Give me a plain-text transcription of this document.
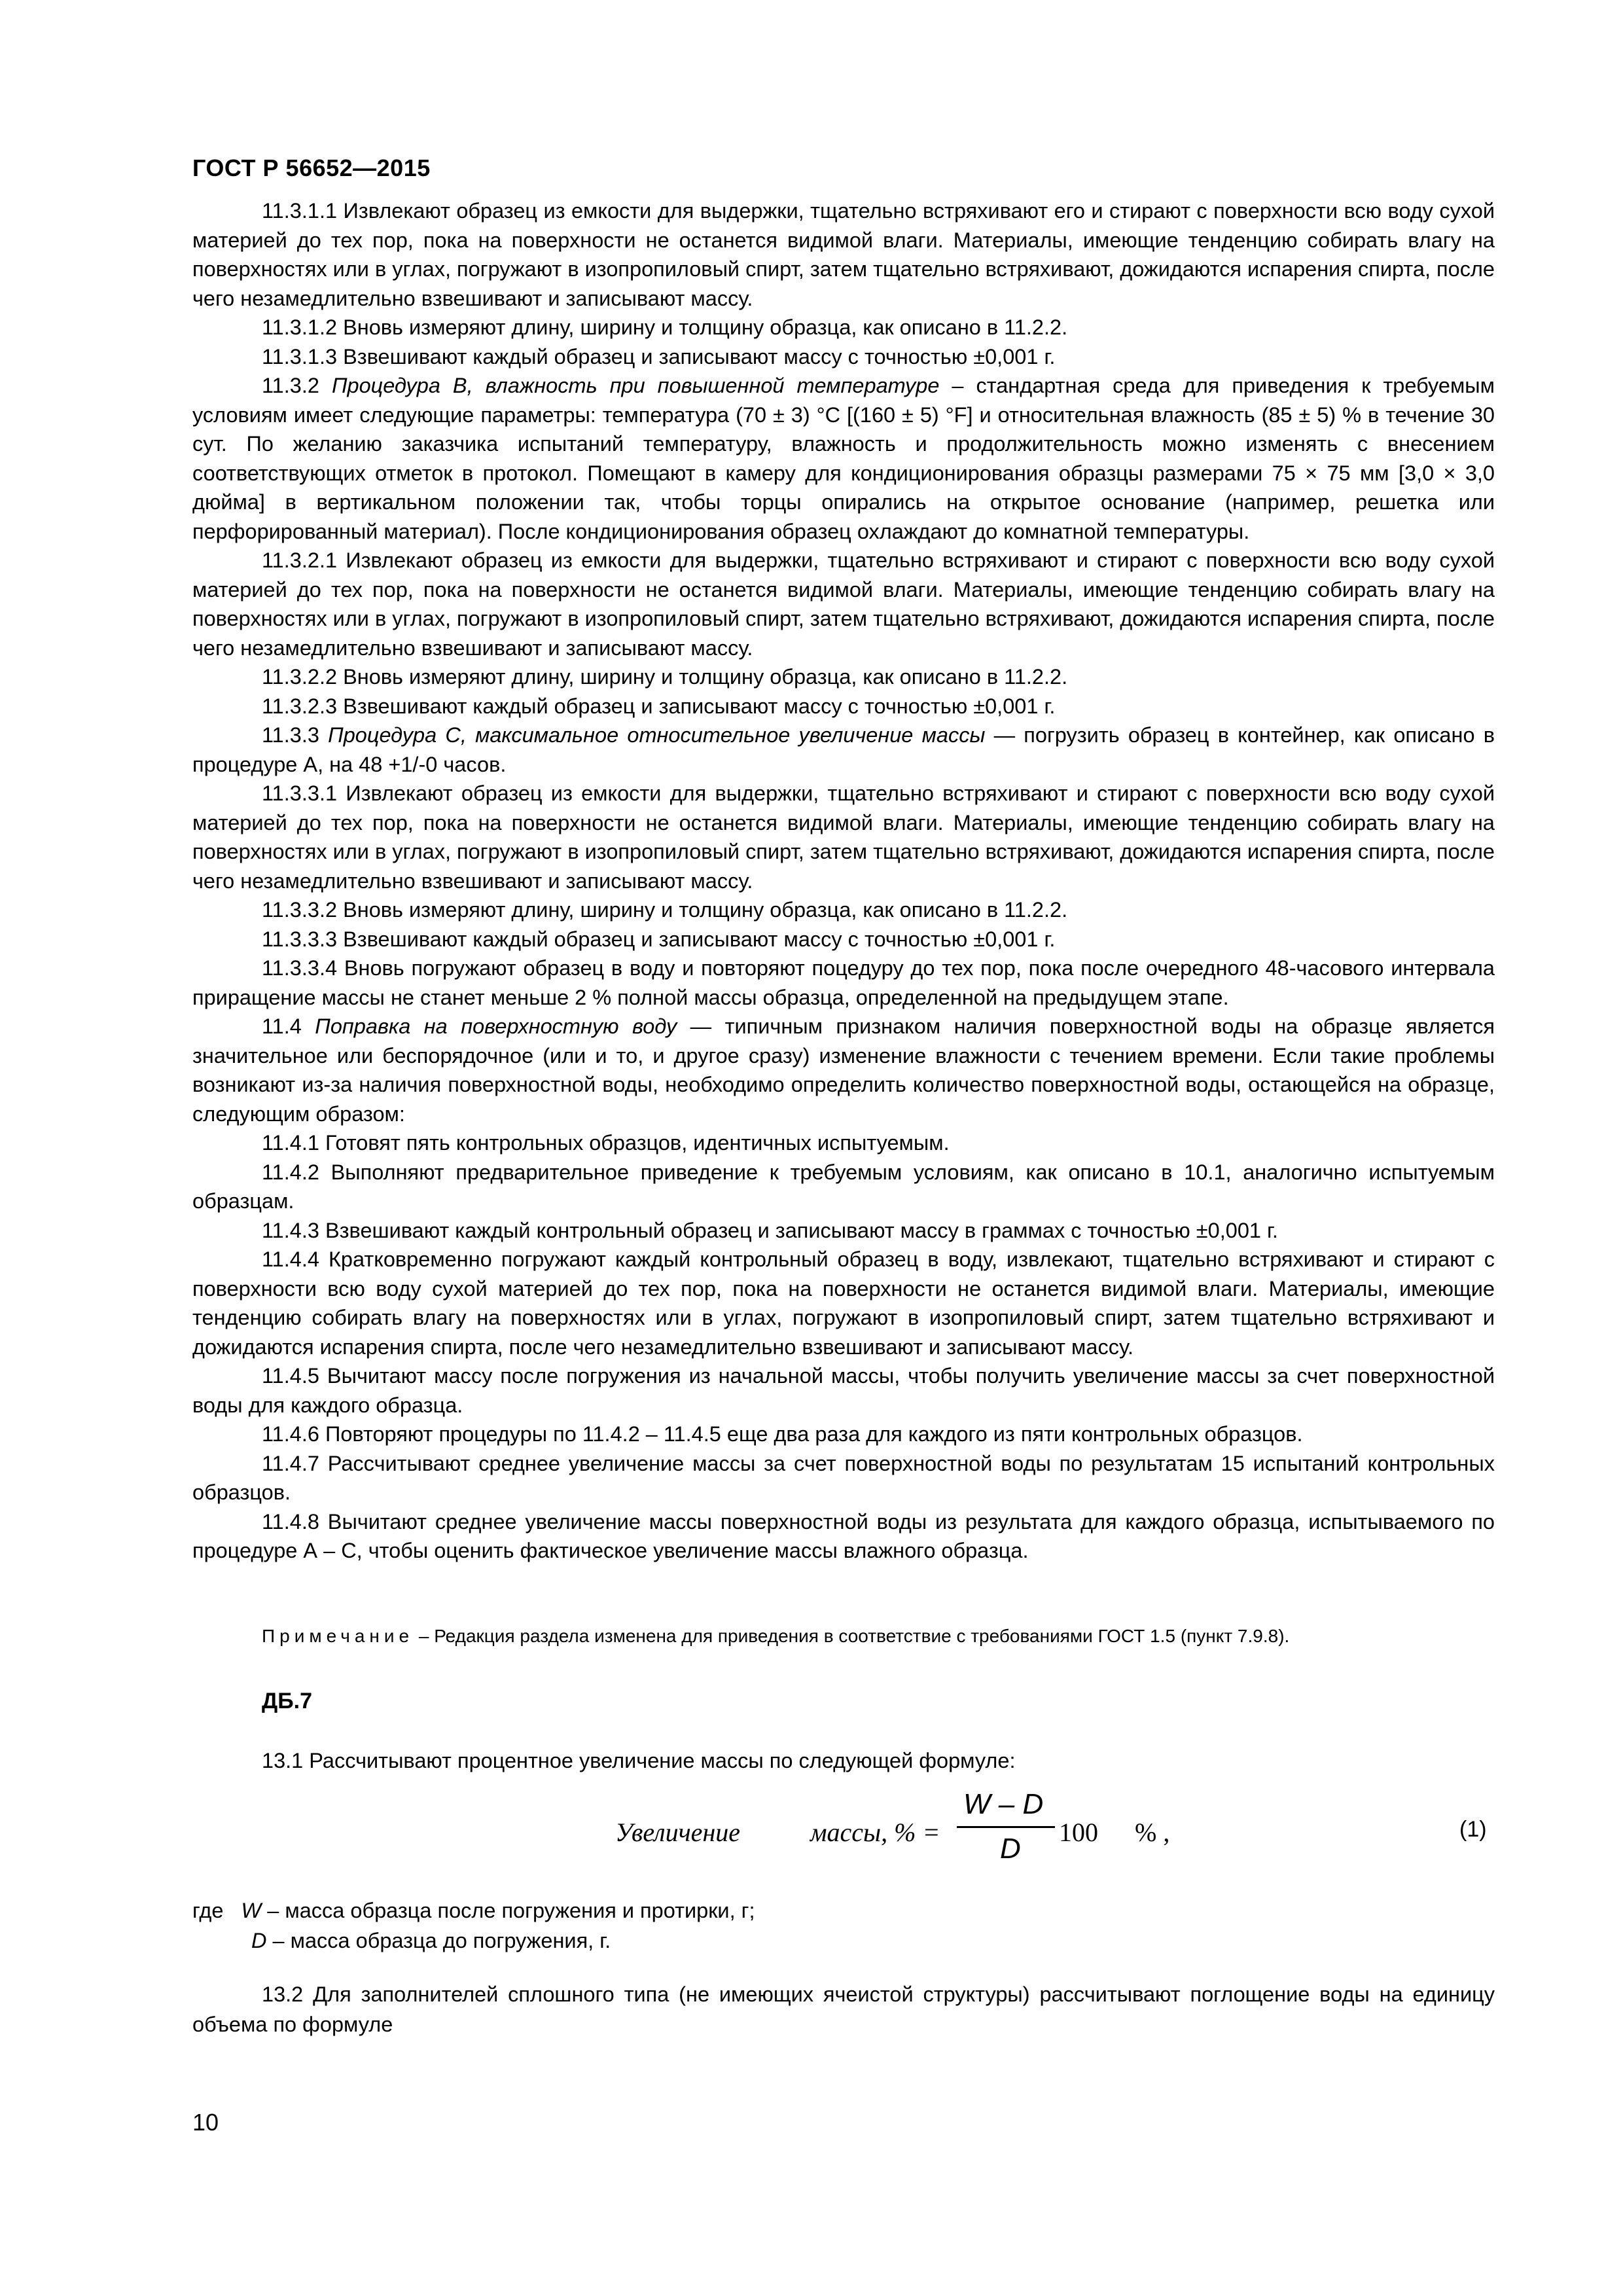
ГОСТ Р 56652—2015

11.3.1.1 Извлекают образец из емкости для выдержки, тщательно встряхивают его и стирают с поверхности всю воду сухой материей до тех пор, пока на поверхности не останется видимой влаги. Материалы, имеющие тенденцию собирать влагу на поверхностях или в углах, погружают в изопропиловый спирт, затем тщательно встряхивают, дожидаются испарения спирта, после чего незамедлительно взвешивают и записывают массу.

11.3.1.2 Вновь измеряют длину, ширину и толщину образца, как описано в 11.2.2.

11.3.1.3 Взвешивают каждый образец и записывают массу с точностью ±0,001 г.

11.3.2 Процедура В, влажность при повышенной температуре – стандартная среда для приведения к требуемым условиям имеет следующие параметры: температура (70 ± 3) °С [(160 ± 5) °F] и относительная влажность (85 ± 5) % в течение 30 сут. По желанию заказчика испытаний температуру, влажность и продолжительность можно изменять с внесением соответствующих отметок в протокол. Помещают в камеру для кондиционирования образцы размерами 75 × 75 мм [3,0 × 3,0 дюйма] в вертикальном положении так, чтобы торцы опирались на открытое основание (например, решетка или перфорированный материал). После кондиционирования образец охлаждают до комнатной температуры.

11.3.2.1 Извлекают образец из емкости для выдержки, тщательно встряхивают и стирают с поверхности всю воду сухой материей до тех пор, пока на поверхности не останется видимой влаги. Материалы, имеющие тенденцию собирать влагу на поверхностях или в углах, погружают в изопропиловый спирт, затем тщательно встряхивают, дожидаются испарения спирта, после чего незамедлительно взвешивают и записывают массу.

11.3.2.2 Вновь измеряют длину, ширину и толщину образца, как описано в 11.2.2.

11.3.2.3 Взвешивают каждый образец и записывают массу с точностью ±0,001 г.

11.3.3 Процедура С, максимальное относительное увеличение массы — погрузить образец в контейнер, как описано в процедуре А, на 48 +1/-0 часов.

11.3.3.1 Извлекают образец из емкости для выдержки, тщательно встряхивают и стирают с поверхности всю воду сухой материей до тех пор, пока на поверхности не останется видимой влаги. Материалы, имеющие тенденцию собирать влагу на поверхностях или в углах, погружают в изопропиловый спирт, затем тщательно встряхивают, дожидаются испарения спирта, после чего незамедлительно взвешивают и записывают массу.

11.3.3.2 Вновь измеряют длину, ширину и толщину образца, как описано в 11.2.2.

11.3.3.3 Взвешивают каждый образец и записывают массу с точностью ±0,001 г.

11.3.3.4 Вновь погружают образец в воду и повторяют поцедуру до тех пор, пока после очередного 48-часового интервала приращение массы не станет меньше 2 % полной массы образца, определенной на предыдущем этапе.

11.4 Поправка на поверхностную воду — типичным признаком наличия поверхностной воды на образце является значительное или беспорядочное (или и то, и другое сразу) изменение влажности с течением времени. Если такие проблемы возникают из-за наличия поверхностной воды, необходимо определить количество поверхностной воды, остающейся на образце, следующим образом:

11.4.1 Готовят пять контрольных образцов, идентичных испытуемым.

11.4.2 Выполняют предварительное приведение к требуемым условиям, как описано в 10.1, аналогично испытуемым образцам.

11.4.3 Взвешивают каждый контрольный образец и записывают массу в граммах с точностью ±0,001 г.

11.4.4 Кратковременно погружают каждый контрольный образец в воду, извлекают, тщательно встряхивают и стирают с поверхности всю воду сухой материей до тех пор, пока на поверхности не останется видимой влаги. Материалы, имеющие тенденцию собирать влагу на поверхностях или в углах, погружают в изопропиловый спирт, затем тщательно встряхивают и дожидаются испарения спирта, после чего незамедлительно взвешивают и записывают массу.

11.4.5 Вычитают массу после погружения из начальной массы, чтобы получить увеличение массы за счет поверхностной воды для каждого образца.

11.4.6 Повторяют процедуры по 11.4.2 – 11.4.5 еще два раза для каждого из пяти контрольных образцов.

11.4.7 Рассчитывают среднее увеличение массы за счет поверхностной воды по результатам 15 испытаний контрольных образцов.

11.4.8 Вычитают среднее увеличение массы поверхностной воды из результата для каждого образца, испытываемого по процедуре А – С, чтобы оценить фактическое увеличение массы влажного образца.

Примечание – Редакция раздела изменена для приведения в соответствие с требованиями ГОСТ 1.5 (пункт 7.9.8).
ДБ.7
13.1 Рассчитывают процентное увеличение массы по следующей формуле:
Увеличение	массы, % =
W – D
D
100 % ,	(1)
где W – масса образца после погружения и протирки, г;
D – масса образца до погружения, г.

13.2 Для заполнителей сплошного типа (не имеющих ячеистой структуры) рассчитывают поглощение воды на единицу объема по формуле

10
